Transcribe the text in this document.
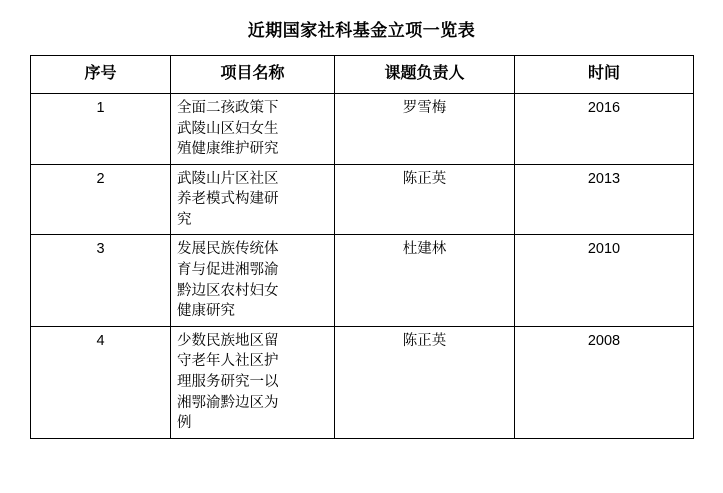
近期国家社科基金立项一览表
序号	项目名称	课题负责人	时间
1	全面二孩政策下
武陵山区妇女生
殖健康维护研究	罗雪梅	2016
2	武陵山片区社区
养老模式构建研
究	陈正英	2013
3	发展民族传统体
育与促进湘鄂渝
黔边区农村妇女
健康研究	杜建林	2010
4	少数民族地区留
守老年人社区护
理服务研究一以
湘鄂渝黔边区为
例	陈正英	2008
